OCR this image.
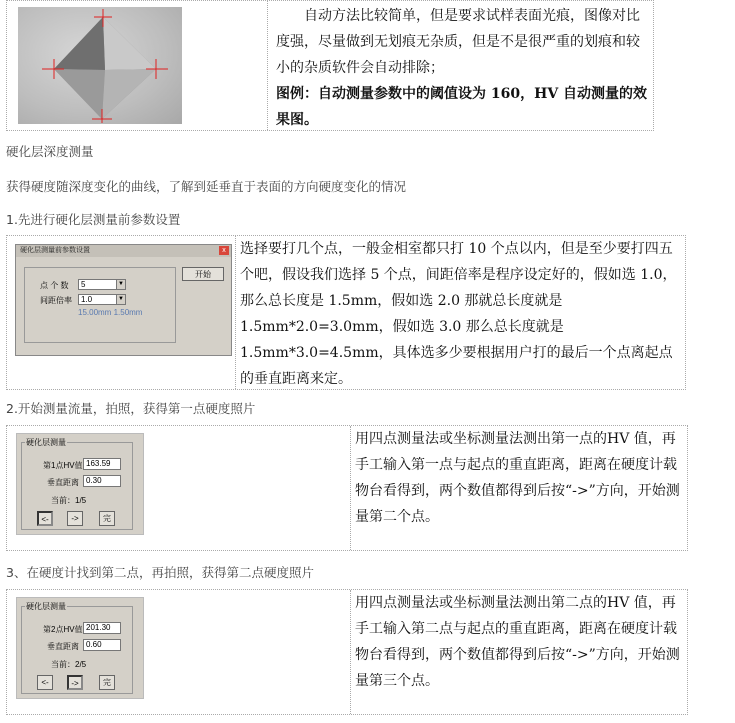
自动方法比较简单，但是要求试样表面光痕，图像对比度强，尽量做到无划痕无杂质，但是不是很严重的划痕和较小的杂质软件会自动排除；
图例：自动测量参数中的阈值设为 160，HV 自动测量的效果图。
硬化层深度测量
获得硬度随深度变化的曲线，了解到延垂直于表面的方向硬度变化的情况
1.先进行硬化层测量前参数设置
硬化层测量前参数设置	x
点 个 数	5	▼
间距倍率	1.0	▼
15.00mm 1.50mm
开始
选择要打几个点，一般金相室都只打 10 个点以内，但是至少要打四五个吧，假设我们选择 5 个点，间距倍率是程序设定好的，假如选 1.0，那么总长度是 1.5mm，假如选 2.0 那就总长度就是 1.5mm*2.0=3.0mm，假如选 3.0 那么总长度就是 1.5mm*3.0=4.5mm，具体选多少要根据用户打的最后一个点离起点的垂直距离来定。
2.开始测量流量，拍照，获得第一点硬度照片
硬化层测量
第1点HV值 163.59
垂直距离 0.30
当前：1/5
<-	->	完
用四点测量法或坐标测量法测出第一点的HV 值，再手工输入第一点与起点的重直距离，距离在硬度计载物台看得到，两个数值都得到后按“->”方向，开始测量第二个点。
3、在硬度计找到第二点，再拍照，获得第二点硬度照片
硬化层测量
第2点HV值 201.30
垂直距离 0.60
当前：2/5
<-	->	完
用四点测量法或坐标测量法测出第二点的HV 值，再手工输入第二点与起点的重直距离，距离在硬度计载物台看得到，两个数值都得到后按“->”方向，开始测量第三个点。
